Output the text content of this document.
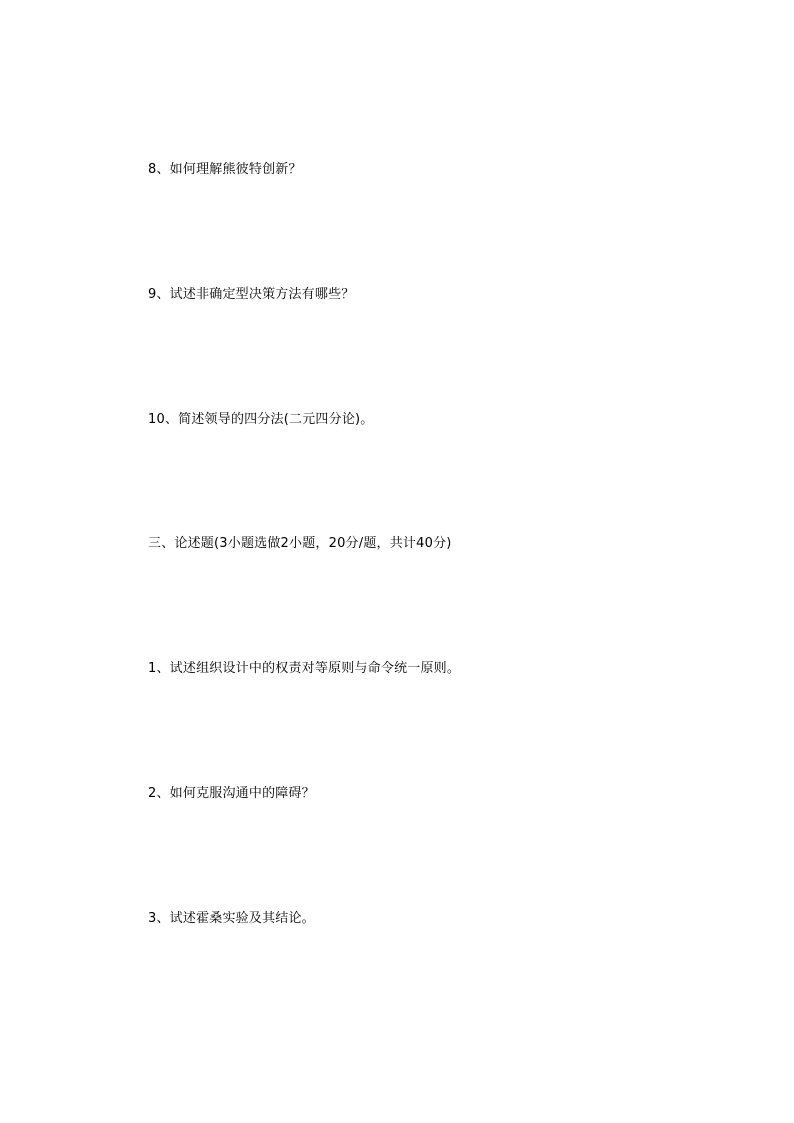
8、如何理解熊彼特创新？
9、试述非确定型决策方法有哪些？
10、简述领导的四分法(二元四分论)。
三、论述题(3小题选做2小题，20分/题，共计40分)
1、试述组织设计中的权责对等原则与命令统一原则。
2、如何克服沟通中的障碍？
3、试述霍桑实验及其结论。
